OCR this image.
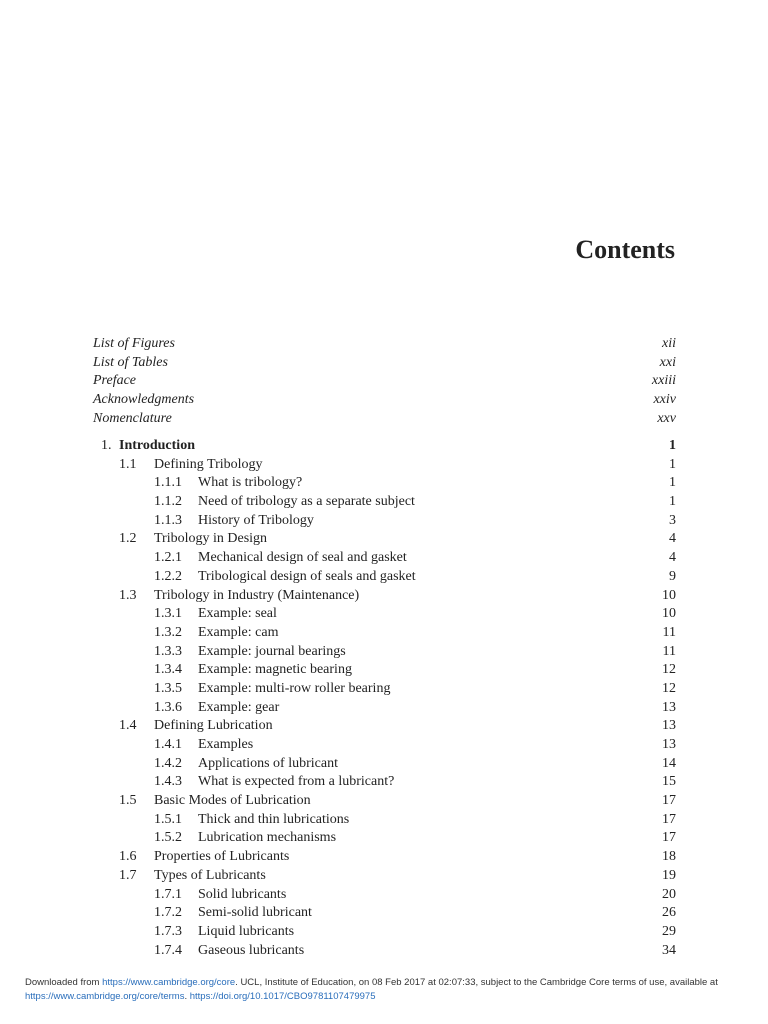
Contents
List of Figures	xii
List of Tables	xxi
Preface	xxiii
Acknowledgments	xxiv
Nomenclature	xxv
1. Introduction	1
1.1 Defining Tribology	1
1.1.1 What is tribology?	1
1.1.2 Need of tribology as a separate subject	1
1.1.3 History of Tribology	3
1.2 Tribology in Design	4
1.2.1 Mechanical design of seal and gasket	4
1.2.2 Tribological design of seals and gasket	9
1.3 Tribology in Industry (Maintenance)	10
1.3.1 Example: seal	10
1.3.2 Example: cam	11
1.3.3 Example: journal bearings	11
1.3.4 Example: magnetic bearing	12
1.3.5 Example: multi-row roller bearing	12
1.3.6 Example: gear	13
1.4 Defining Lubrication	13
1.4.1 Examples	13
1.4.2 Applications of lubricant	14
1.4.3 What is expected from a lubricant?	15
1.5 Basic Modes of Lubrication	17
1.5.1 Thick and thin lubrications	17
1.5.2 Lubrication mechanisms	17
1.6 Properties of Lubricants	18
1.7 Types of Lubricants	19
1.7.1 Solid lubricants	20
1.7.2 Semi-solid lubricant	26
1.7.3 Liquid lubricants	29
1.7.4 Gaseous lubricants	34
Downloaded from https://www.cambridge.org/core. UCL, Institute of Education, on 08 Feb 2017 at 02:07:33, subject to the Cambridge Core terms of use, available at
https://www.cambridge.org/core/terms. https://doi.org/10.1017/CBO9781107479975
